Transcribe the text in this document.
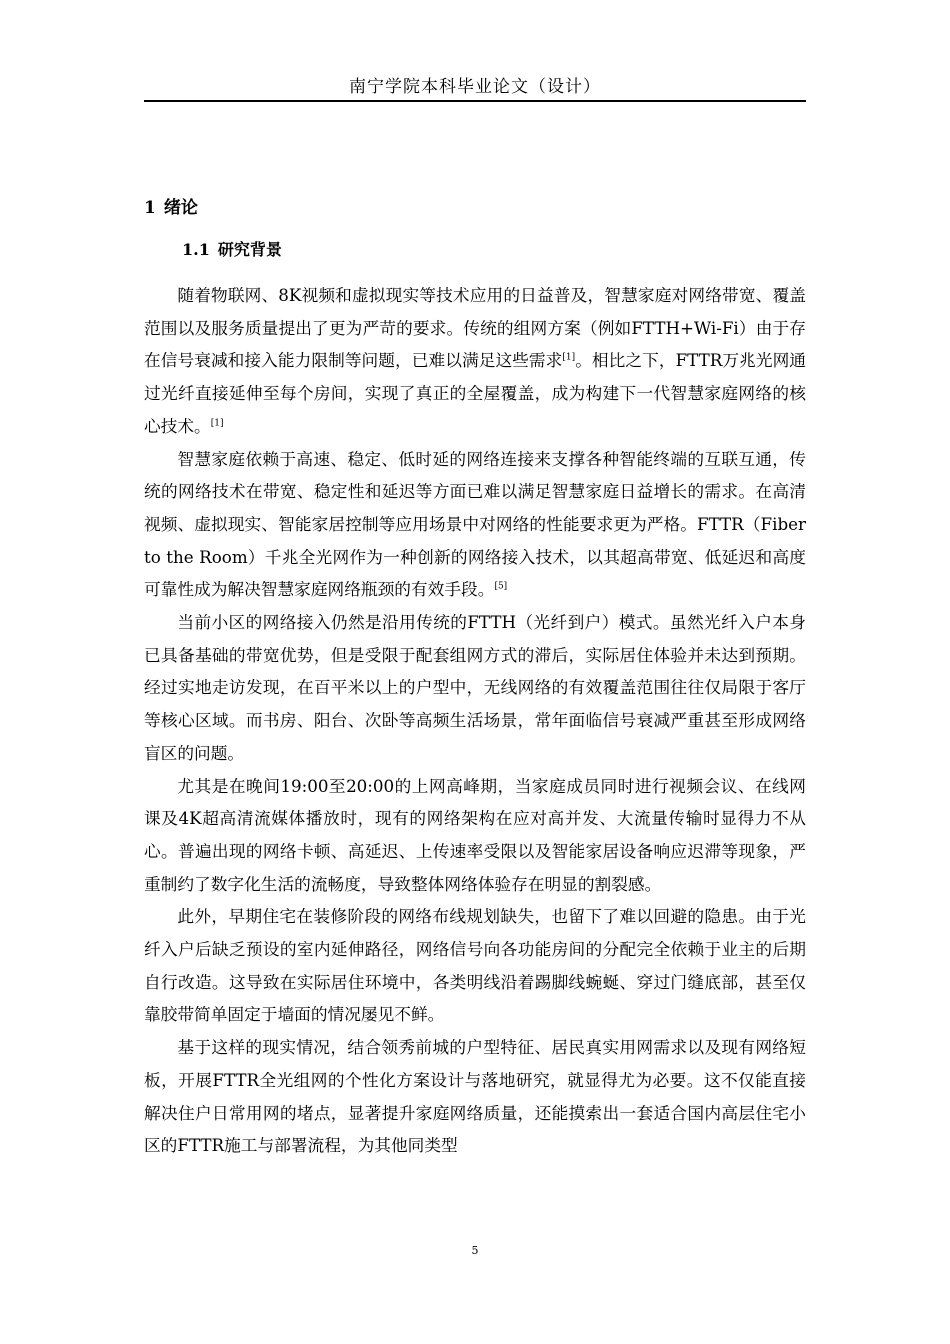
南宁学院本科毕业论文（设计）
1 绪论
1.1 研究背景

随着物联网、8K视频和虚拟现实等技术应用的日益普及，智慧家庭对网络带宽、覆盖范围以及服务质量提出了更为严苛的要求。传统的组网方案（例如FTTH+Wi-Fi）由于存在信号衰减和接入能力限制等问题，已难以满足这些需求[1]。相比之下，FTTR万兆光网通过光纤直接延伸至每个房间，实现了真正的全屋覆盖，成为构建下一代智慧家庭网络的核心技术。[1]

智慧家庭依赖于高速、稳定、低时延的网络连接来支撑各种智能终端的互联互通，传统的网络技术在带宽、稳定性和延迟等方面已难以满足智慧家庭日益增长的需求。在高清视频、虚拟现实、智能家居控制等应用场景中对网络的性能要求更为严格。FTTR（Fiber to the Room）千兆全光网作为一种创新的网络接入技术，以其超高带宽、低延迟和高度可靠性成为解决智慧家庭网络瓶颈的有效手段。[5]

当前小区的网络接入仍然是沿用传统的FTTH（光纤到户）模式。虽然光纤入户本身已具备基础的带宽优势，但是受限于配套组网方式的滞后，实际居住体验并未达到预期。经过实地走访发现，在百平米以上的户型中，无线网络的有效覆盖范围往往仅局限于客厅等核心区域。而书房、阳台、次卧等高频生活场景，常年面临信号衰减严重甚至形成网络盲区的问题。

尤其是在晚间19:00至20:00的上网高峰期，当家庭成员同时进行视频会议、在线网课及4K超高清流媒体播放时，现有的网络架构在应对高并发、大流量传输时显得力不从心。普遍出现的网络卡顿、高延迟、上传速率受限以及智能家居设备响应迟滞等现象，严重制约了数字化生活的流畅度，导致整体网络体验存在明显的割裂感。

此外，早期住宅在装修阶段的网络布线规划缺失，也留下了难以回避的隐患。由于光纤入户后缺乏预设的室内延伸路径，网络信号向各功能房间的分配完全依赖于业主的后期自行改造。这导致在实际居住环境中，各类明线沿着踢脚线蜿蜒、穿过门缝底部，甚至仅靠胶带简单固定于墙面的情况屡见不鲜。

基于这样的现实情况，结合领秀前城的户型特征、居民真实用网需求以及现有网络短板，开展FTTR全光组网的个性化方案设计与落地研究，就显得尤为必要。这不仅能直接解决住户日常用网的堵点，显著提升家庭网络质量，还能摸索出一套适合国内高层住宅小区的FTTR施工与部署流程，为其他同类型

5
